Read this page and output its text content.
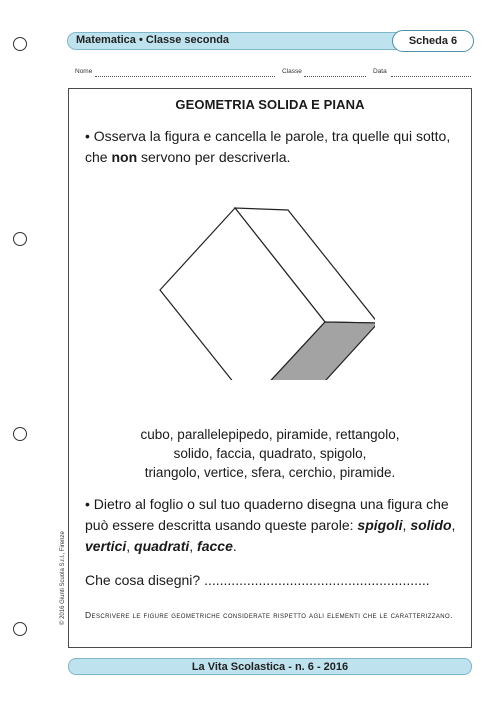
Matematica • Classe seconda	Scheda 6
Nome	Classe	Data
GEOMETRIA SOLIDA E PIANA
• Osserva la figura e cancella le parole, tra quelle qui sotto, che non servono per descriverla.
cubo, parallelepipedo, piramide, rettangolo,
solido, faccia, quadrato, spigolo,
triangolo, vertice, sfera, cerchio, piramide.
• Dietro al foglio o sul tuo quaderno disegna una figura che può essere descritta usando queste parole: spigoli, solido, vertici, quadrati, facce.
Che cosa disegni? ..........................................................
Descrivere le figure geometriche considerate rispetto agli elementi che le caratterizzano.
© 2016 Giunti Scuola S.r.l., Firenze
La Vita Scolastica - n. 6 - 2016
